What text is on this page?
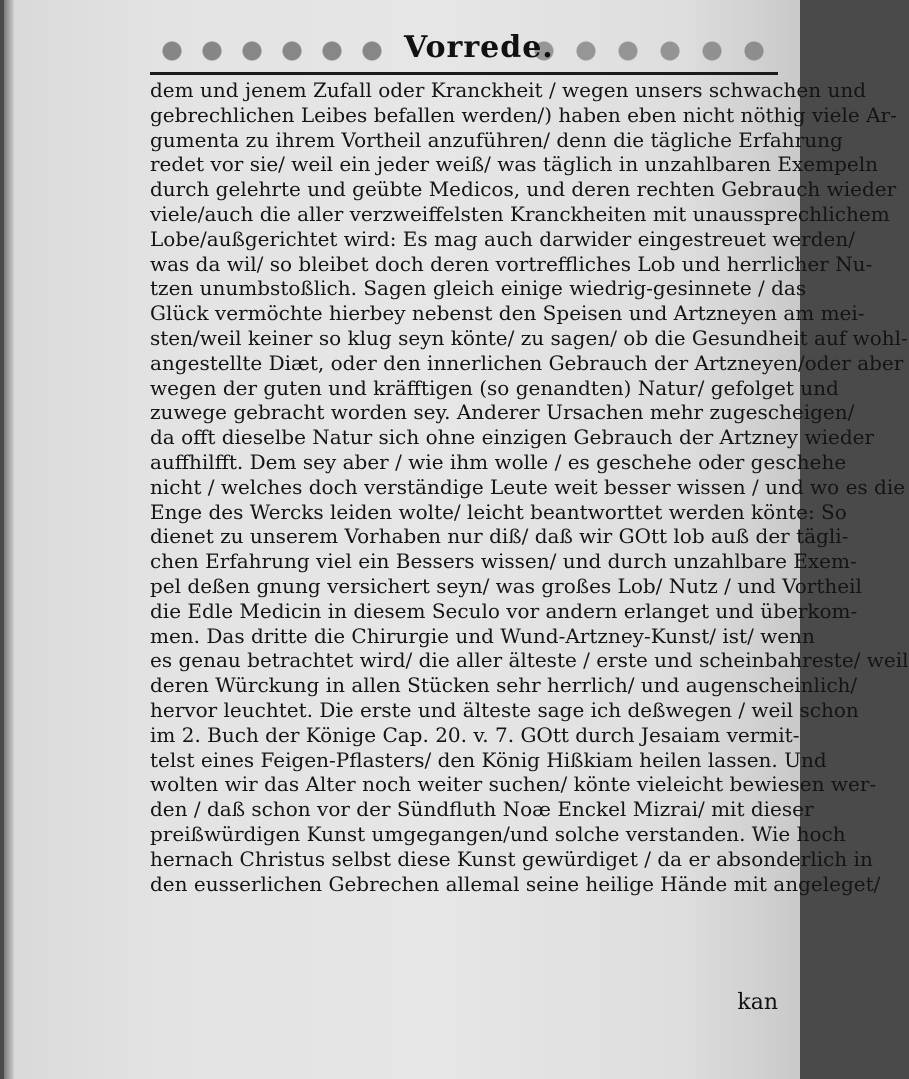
Vorrede.
dem und jenem Zufall oder Kranckheit / wegen unsers schwachen und
gebrechlichen Leibes befallen werden/) haben eben nicht nöthig viele Ar-
gumenta zu ihrem Vortheil anzuführen/ denn die tägliche Erfahrung
redet vor sie/ weil ein jeder weiß/ was täglich in unzahlbaren Exempeln
durch gelehrte und geübte Medicos, und deren rechten Gebrauch wieder
viele/auch die aller verzweiffelsten Kranckheiten mit unaussprechlichem
Lobe/außgerichtet wird: Es mag auch darwider eingestreuet werden/
was da wil/ so bleibet doch deren vortreffliches Lob und herrlicher Nu-
tzen unumbstoßlich. Sagen gleich einige wiedrig-gesinnete / das
Glück vermöchte hierbey nebenst den Speisen und Artzneyen am mei-
sten/weil keiner so klug seyn könte/ zu sagen/ ob die Gesundheit auf wohl-
angestellte Diæt, oder den innerlichen Gebrauch der Artzneyen/oder aber
wegen der guten und kräfftigen (so genandten) Natur/ gefolget und
zuwege gebracht worden sey. Anderer Ursachen mehr zugescheigen/
da offt dieselbe Natur sich ohne einzigen Gebrauch der Artzney wieder
auffhilfft. Dem sey aber / wie ihm wolle / es geschehe oder geschehe
nicht / welches doch verständige Leute weit besser wissen / und wo es die
Enge des Wercks leiden wolte/ leicht beantworttet werden könte: So
dienet zu unserem Vorhaben nur diß/ daß wir GOtt lob auß der tägli-
chen Erfahrung viel ein Bessers wissen/ und durch unzahlbare Exem-
pel deßen gnung versichert seyn/ was großes Lob/ Nutz / und Vortheil
die Edle Medicin in diesem Seculo vor andern erlanget und überkom-
men. Das dritte die Chirurgie und Wund-Artzney-Kunst/ ist/ wenn
es genau betrachtet wird/ die aller älteste / erste und scheinbahreste/ weil
deren Würckung in allen Stücken sehr herrlich/ und augenscheinlich/
hervor leuchtet. Die erste und älteste sage ich deßwegen / weil schon
im 2. Buch der Könige Cap. 20. v. 7. GOtt durch Jesaiam vermit-
telst eines Feigen-Pflasters/ den König Hißkiam heilen lassen. Und
wolten wir das Alter noch weiter suchen/ könte vieleicht bewiesen wer-
den / daß schon vor der Sündfluth Noæ Enckel Mizrai/ mit dieser
preißwürdigen Kunst umgegangen/und solche verstanden. Wie hoch
hernach Christus selbst diese Kunst gewürdiget / da er absonderlich in
den eusserlichen Gebrechen allemal seine heilige Hände mit angeleget/
kan
